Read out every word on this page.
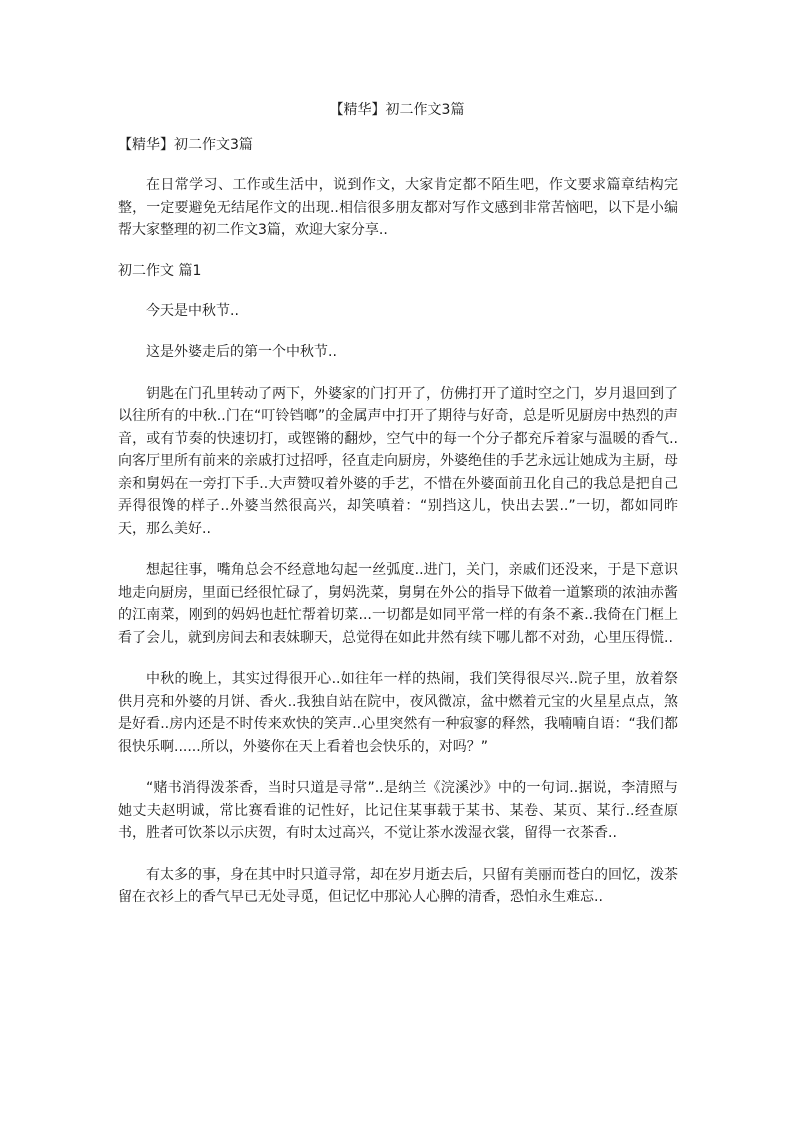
【精华】初二作文3篇

【精华】初二作文3篇

在日常学习、工作或生活中，说到作文，大家肯定都不陌生吧，作文要求篇章结构完整，一定要避免无结尾作文的出现..相信很多朋友都对写作文感到非常苦恼吧，以下是小编帮大家整理的初二作文3篇，欢迎大家分享..

初二作文 篇1

今天是中秋节..

这是外婆走后的第一个中秋节..

钥匙在门孔里转动了两下，外婆家的门打开了，仿佛打开了道时空之门，岁月退回到了以往所有的中秋..门在“叮铃铛啷”的金属声中打开了期待与好奇，总是听见厨房中热烈的声音，或有节奏的快速切打，或铿锵的翻炒，空气中的每一个分子都充斥着家与温暖的香气..向客厅里所有前来的亲戚打过招呼，径直走向厨房，外婆绝佳的手艺永远让她成为主厨，母亲和舅妈在一旁打下手..大声赞叹着外婆的手艺，不惜在外婆面前丑化自己的我总是把自己弄得很馋的样子..外婆当然很高兴，却笑嗔着：“别挡这儿，快出去罢..”一切，都如同昨天，那么美好..

想起往事，嘴角总会不经意地勾起一丝弧度..进门，关门，亲戚们还没来，于是下意识地走向厨房，里面已经很忙碌了，舅妈洗菜，舅舅在外公的指导下做着一道繁琐的浓油赤酱的江南菜，刚到的妈妈也赶忙帮着切菜...一切都是如同平常一样的有条不紊..我倚在门框上看了会儿，就到房间去和表妹聊天，总觉得在如此井然有续下哪儿都不对劲，心里压得慌..

中秋的晚上，其实过得很开心..如往年一样的热闹，我们笑得很尽兴..院子里，放着祭供月亮和外婆的月饼、香火..我独自站在院中，夜风微凉，盆中燃着元宝的火星星点点，煞是好看..房内还是不时传来欢快的笑声..心里突然有一种寂寥的释然，我喃喃自语：“我们都很快乐啊......所以，外婆你在天上看着也会快乐的，对吗？”

“赌书消得泼茶香，当时只道是寻常”..是纳兰《浣溪沙》中的一句词..据说，李清照与她丈夫赵明诚，常比赛看谁的记性好，比记住某事载于某书、某卷、某页、某行..经查原书，胜者可饮茶以示庆贺，有时太过高兴，不觉让茶水泼湿衣裳，留得一衣茶香..

有太多的事，身在其中时只道寻常，却在岁月逝去后，只留有美丽而苍白的回忆，泼茶留在衣衫上的香气早已无处寻觅，但记忆中那沁人心脾的清香，恐怕永生难忘..
